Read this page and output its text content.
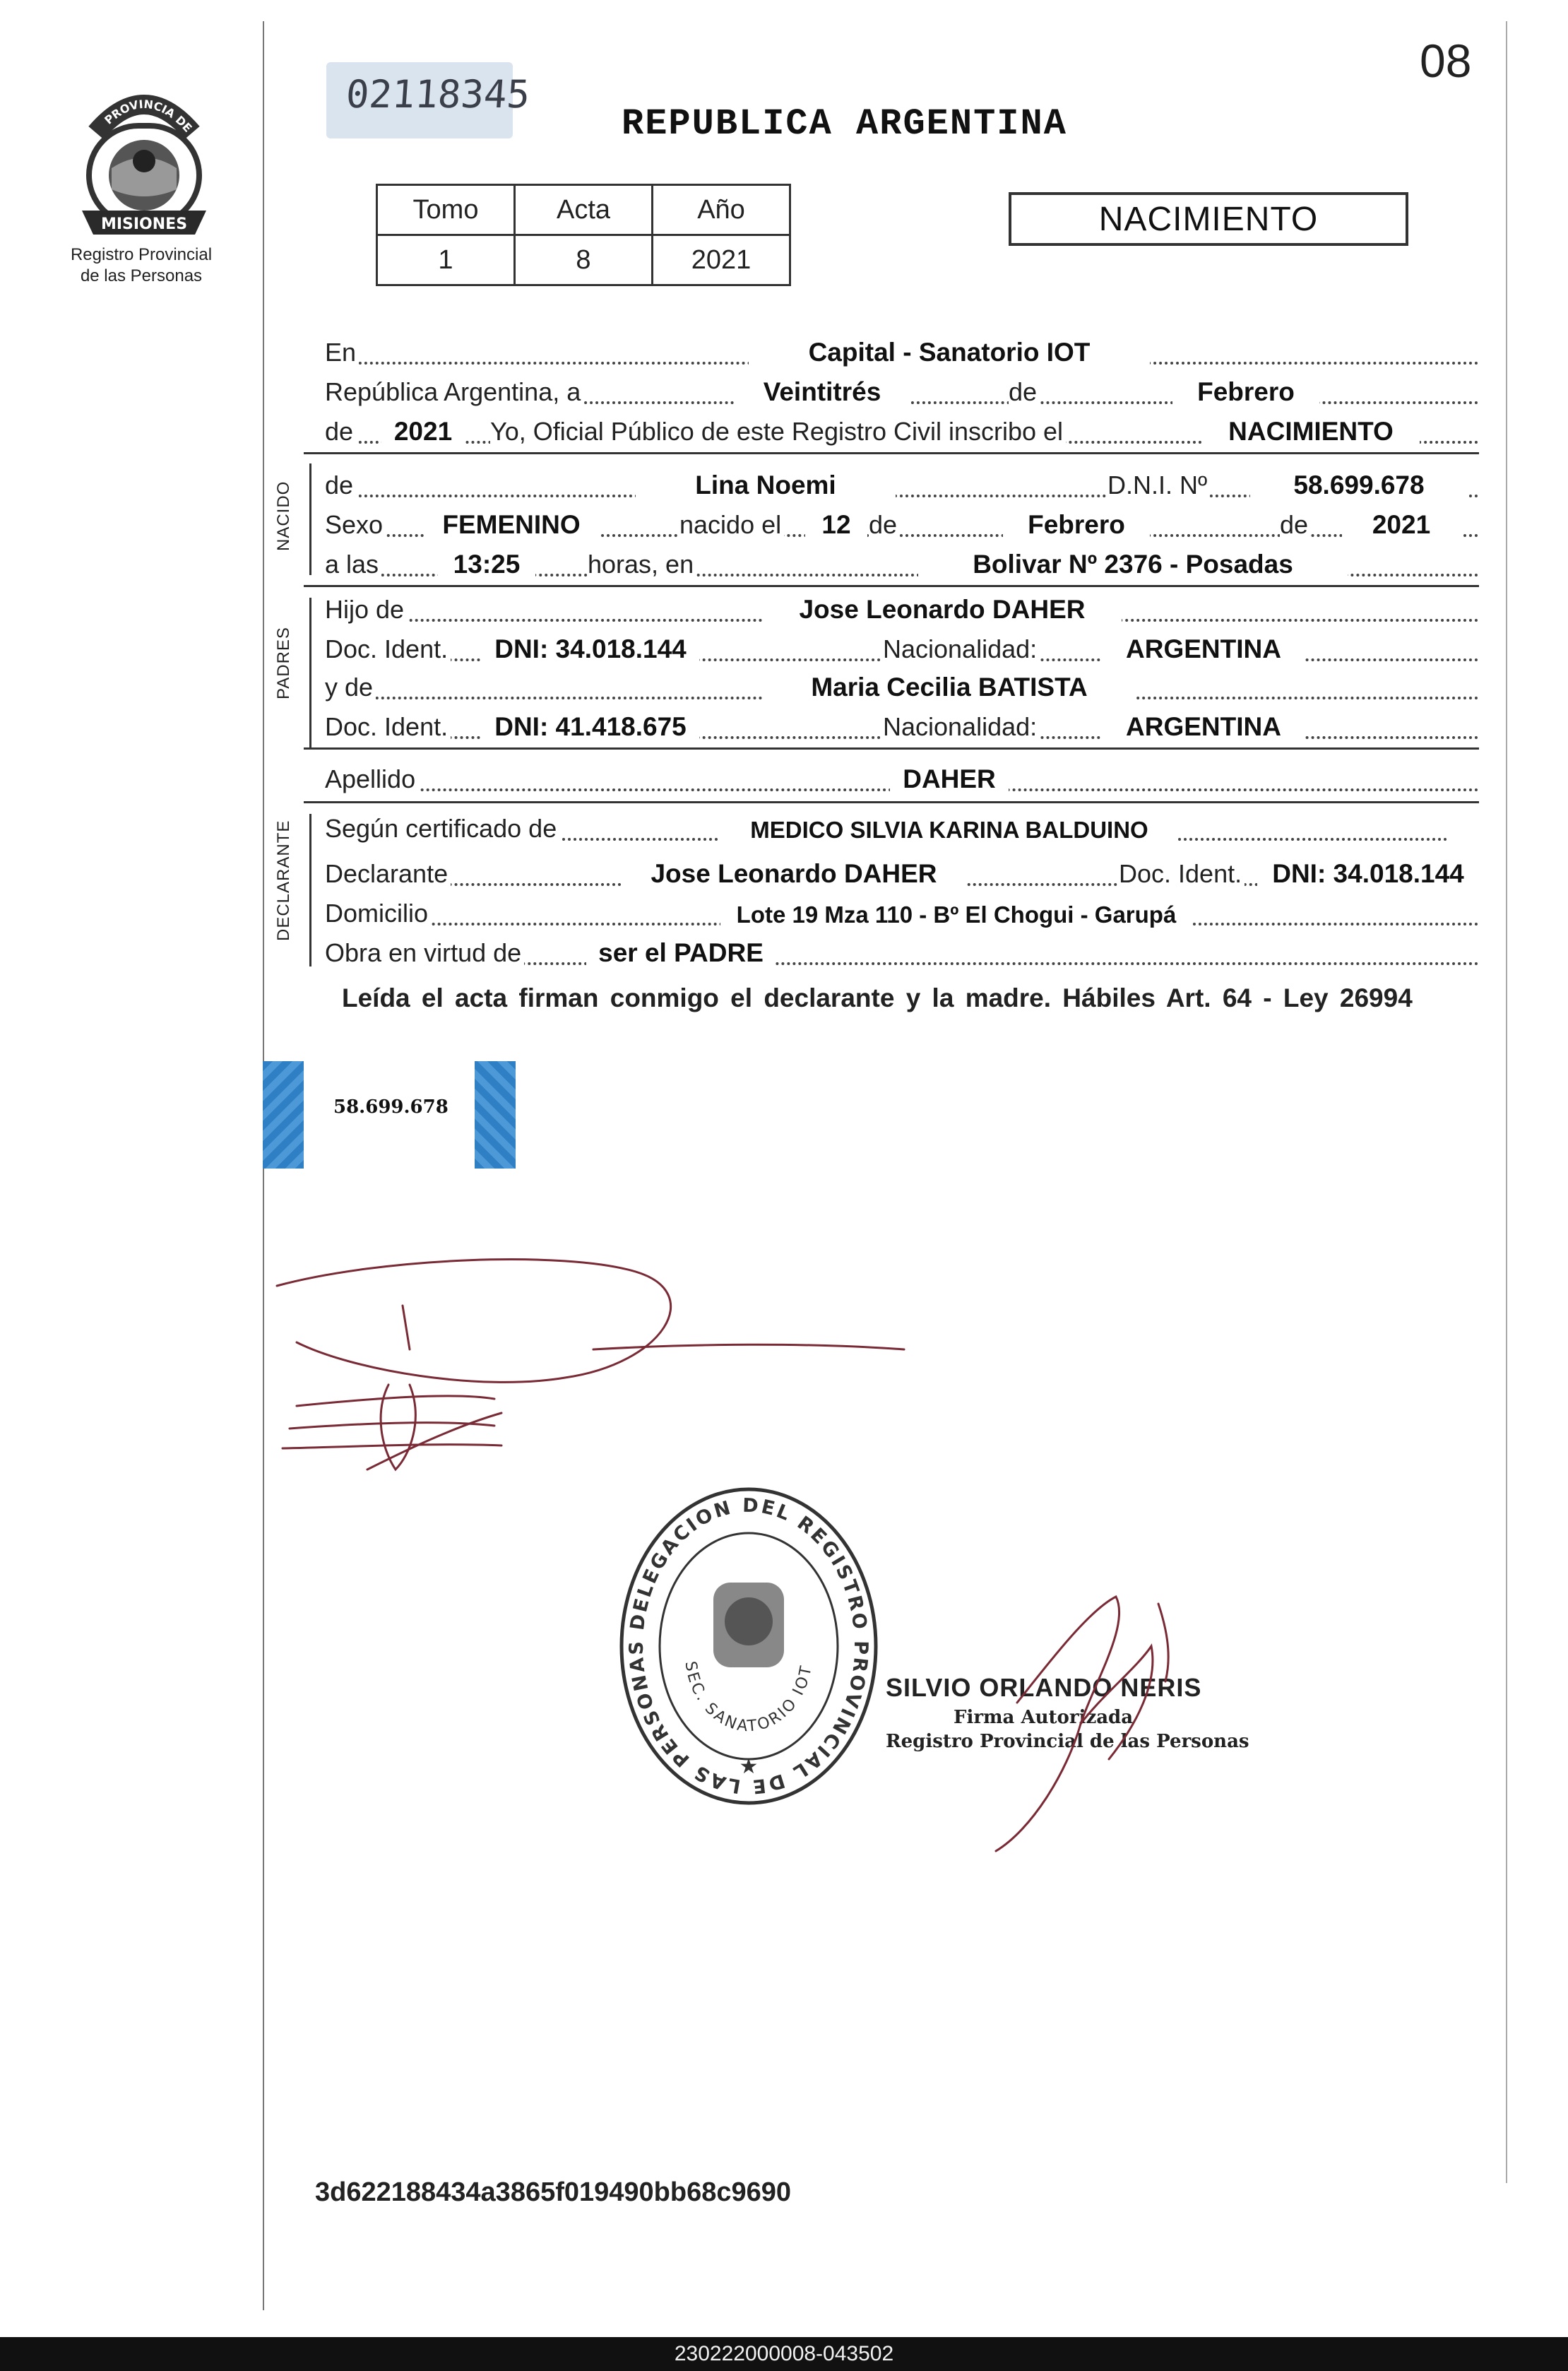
PROVINCIA DE
MISIONES
Registro Provincial
de las Personas
02118345
08
REPUBLICA ARGENTINA
Tomo	Acta	Año
1	8	2021
NACIMIENTO
En	Capital - Sanatorio IOT
República Argentina, a	Veintitrés	de	Febrero
de	2021	Yo, Oficial Público de este Registro Civil inscribo el	NACIMIENTO
NACIDO de	Lina Noemi	D.N.I. Nº	58.699.678
Sexo	FEMENINO	nacido el	12 de	Febrero	de	2021
a las	13:25	horas, en	Bolivar Nº 2376 - Posadas
PADRES
Hijo de	Jose Leonardo DAHER
Doc. Ident.	DNI: 34.018.144	Nacionalidad:	ARGENTINA
y de	Maria Cecilia BATISTA
Doc. Ident.	DNI: 41.418.675	Nacionalidad:	ARGENTINA
Apellido	DAHER
DECLARANTE Según certificado de	MEDICO SILVIA KARINA BALDUINO
Declarante	Jose Leonardo DAHER	Doc. Ident.	DNI: 34.018.144
Domicilio	Lote 19 Mza 110 - Bº El Chogui - Garupá
Obra en virtud de	ser el PADRE
Leída el acta firman conmigo el declarante y la madre. Hábiles Art. 64 - Ley 26994
58.699.678
DELEGACION DEL REGISTRO PROVINCIAL DE LAS PERSONAS
SEC. SANATORIO IOT
★
SILVIO ORLANDO NERIS
Firma Autorizada
Registro Provincial de las Personas
3d622188434a3865f019490bb68c9690
230222000008-043502
